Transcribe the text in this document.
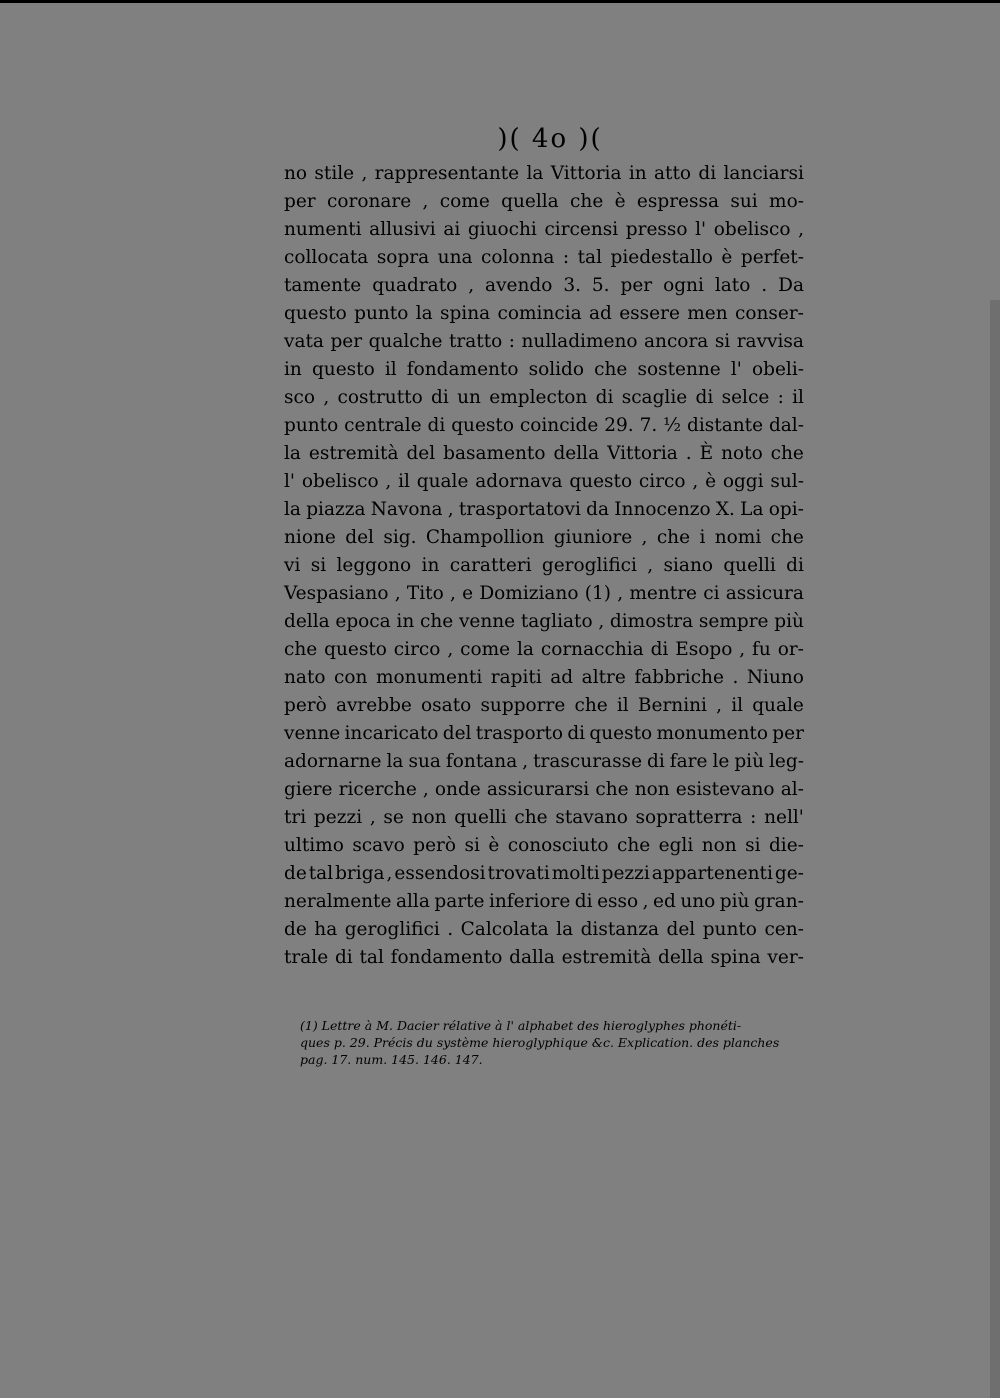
)( 4o )(
no stile , rappresentante la Vittoria in atto di lanciarsi
per coronare , come quella che è espressa sui mo-
numenti allusivi ai giuochi circensi presso l' obelisco ,
collocata sopra una colonna : tal piedestallo è perfet-
tamente quadrato , avendo 3. 5. per ogni lato . Da
questo punto la spina comincia ad essere men conser-
vata per qualche tratto : nulladimeno ancora si ravvisa
in questo il fondamento solido che sostenne l' obeli-
sco , costrutto di un emplecton di scaglie di selce : il
punto centrale di questo coincide 29. 7. ½ distante dal-
la estremità del basamento della Vittoria . È noto che
l' obelisco , il quale adornava questo circo , è oggi sul-
la piazza Navona , trasportatovi da Innocenzo X. La opi-
nione del sig. Champollion giuniore , che i nomi che
vi si leggono in caratteri geroglifici , siano quelli di
Vespasiano , Tito , e Domiziano (1) , mentre ci assicura
della epoca in che venne tagliato , dimostra sempre più
che questo circo , come la cornacchia di Esopo , fu or-
nato con monumenti rapiti ad altre fabbriche . Niuno
però avrebbe osato supporre che il Bernini , il quale
venne incaricato del trasporto di questo monumento per
adornarne la sua fontana , trascurasse di fare le più leg-
giere ricerche , onde assicurarsi che non esistevano al-
tri pezzi , se non quelli che stavano sopratterra : nell'
ultimo scavo però si è conosciuto che egli non si die-
de tal briga , essendosi trovati molti pezzi appartenenti ge-
neralmente alla parte inferiore di esso , ed uno più gran-
de ha geroglifici . Calcolata la distanza del punto cen-
trale di tal fondamento dalla estremità della spina ver-
(1) Lettre à M. Dacier rélative à l' alphabet des hieroglyphes phonéti-
ques p. 29. Précis du système hieroglyphique &c. Explication. des planches
pag. 17. num. 145. 146. 147.
